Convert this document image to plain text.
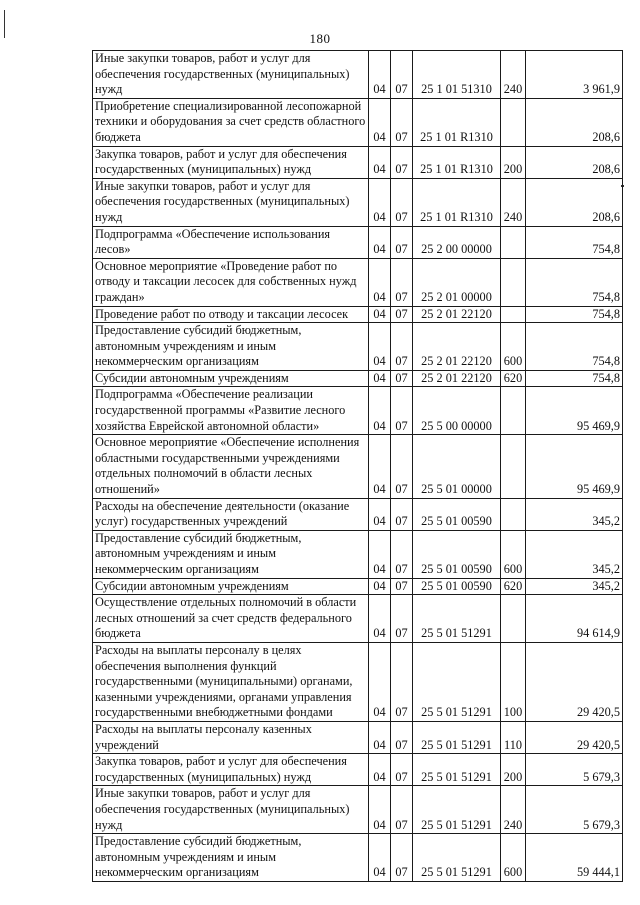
180
Иные закупки товаров, работ и услуг для обеспечения государственных (муниципальных) нужд	04	07	25 1 01 51310	240	3 961,9
Приобретение специализированной лесопожарной техники и оборудования за счет средств областного бюджета	04	07	25 1 01 R1310		208,6
Закупка товаров, работ и услуг для обеспечения государственных (муниципальных) нужд	04	07	25 1 01 R1310	200	208,6
Иные закупки товаров, работ и услуг для обеспечения государственных (муниципальных) нужд	04	07	25 1 01 R1310	240	208,6
Подпрограмма «Обеспечение использования лесов»	04	07	25 2 00 00000		754,8
Основное мероприятие «Проведение работ по отводу и таксации лесосек для собственных нужд граждан»	04	07	25 2 01 00000		754,8
Проведение работ по отводу и таксации лесосек	04	07	25 2 01 22120		754,8
Предоставление субсидий бюджетным, автономным учреждениям и иным некоммерческим организациям	04	07	25 2 01 22120	600	754,8
Субсидии автономным учреждениям	04	07	25 2 01 22120	620	754,8
Подпрограмма «Обеспечение реализации государственной программы «Развитие лесного хозяйства Еврейской автономной области»	04	07	25 5 00 00000		95 469,9
Основное мероприятие «Обеспечение исполнения областными государственными учреждениями отдельных полномочий в области лесных отношений»	04	07	25 5 01 00000		95 469,9
Расходы на обеспечение деятельности (оказание услуг) государственных учреждений	04	07	25 5 01 00590		345,2
Предоставление субсидий бюджетным, автономным учреждениям и иным некоммерческим организациям	04	07	25 5 01 00590	600	345,2
Субсидии автономным учреждениям	04	07	25 5 01 00590	620	345,2
Осуществление отдельных полномочий в области лесных отношений за счет средств федерального бюджета	04	07	25 5 01 51291		94 614,9
Расходы на выплаты персоналу в целях обеспечения выполнения функций государственными (муниципальными) органами, казенными учреждениями, органами управления государственными внебюджетными фондами	04	07	25 5 01 51291	100	29 420,5
Расходы на выплаты персоналу казенных учреждений	04	07	25 5 01 51291	110	29 420,5
Закупка товаров, работ и услуг для обеспечения государственных (муниципальных) нужд	04	07	25 5 01 51291	200	5 679,3
Иные закупки товаров, работ и услуг для обеспечения государственных (муниципальных) нужд	04	07	25 5 01 51291	240	5 679,3
Предоставление субсидий бюджетным, автономным учреждениям и иным некоммерческим организациям	04	07	25 5 01 51291	600	59 444,1
